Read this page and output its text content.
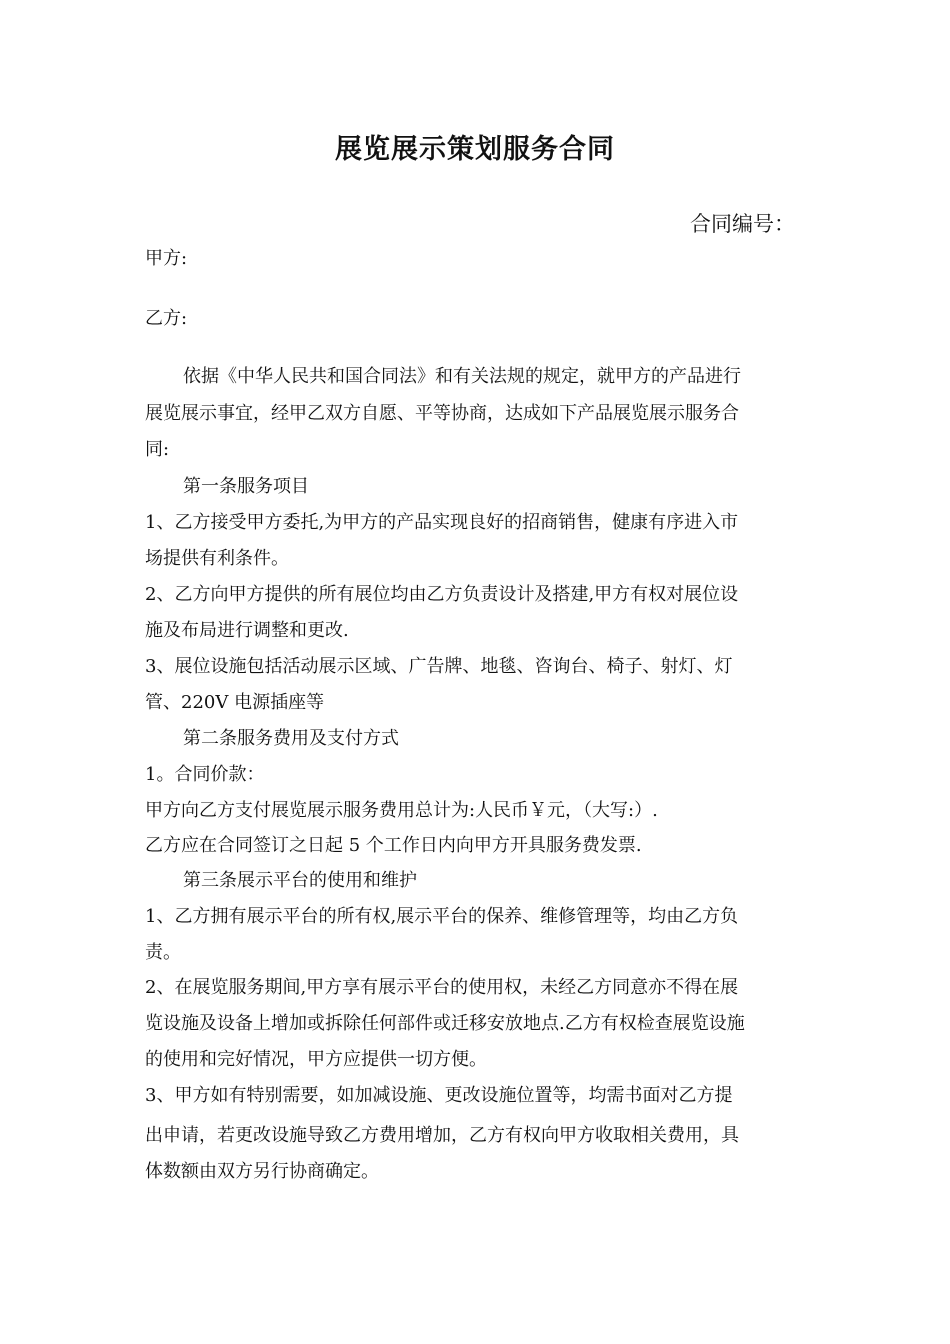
展览展示策划服务合同
合同编号：
甲方:
乙方:
依据《中华人民共和国合同法》和有关法规的规定，就甲方的产品进行
展览展示事宜，经甲乙双方自愿、平等协商，达成如下产品展览展示服务合
同:
第一条服务项目
1、乙方接受甲方委托,为甲方的产品实现良好的招商销售，健康有序进入市
场提供有利条件。
2、乙方向甲方提供的所有展位均由乙方负责设计及搭建,甲方有权对展位设
施及布局进行调整和更改.
3、展位设施包括活动展示区域、广告牌、地毯、咨询台、椅子、射灯、灯
管、220V 电源插座等
第二条服务费用及支付方式
1。合同价款：
甲方向乙方支付展览展示服务费用总计为:人民币￥元，（大写:）.
乙方应在合同签订之日起 5 个工作日内向甲方开具服务费发票.
第三条展示平台的使用和维护
1、乙方拥有展示平台的所有权,展示平台的保养、维修管理等，均由乙方负
责。
2、在展览服务期间,甲方享有展示平台的使用权，未经乙方同意亦不得在展
览设施及设备上增加或拆除任何部件或迁移安放地点.乙方有权检查展览设施
的使用和完好情况，甲方应提供一切方便。
3、甲方如有特别需要，如加减设施、更改设施位置等，均需书面对乙方提
出申请，若更改设施导致乙方费用增加，乙方有权向甲方收取相关费用，具
体数额由双方另行协商确定。
